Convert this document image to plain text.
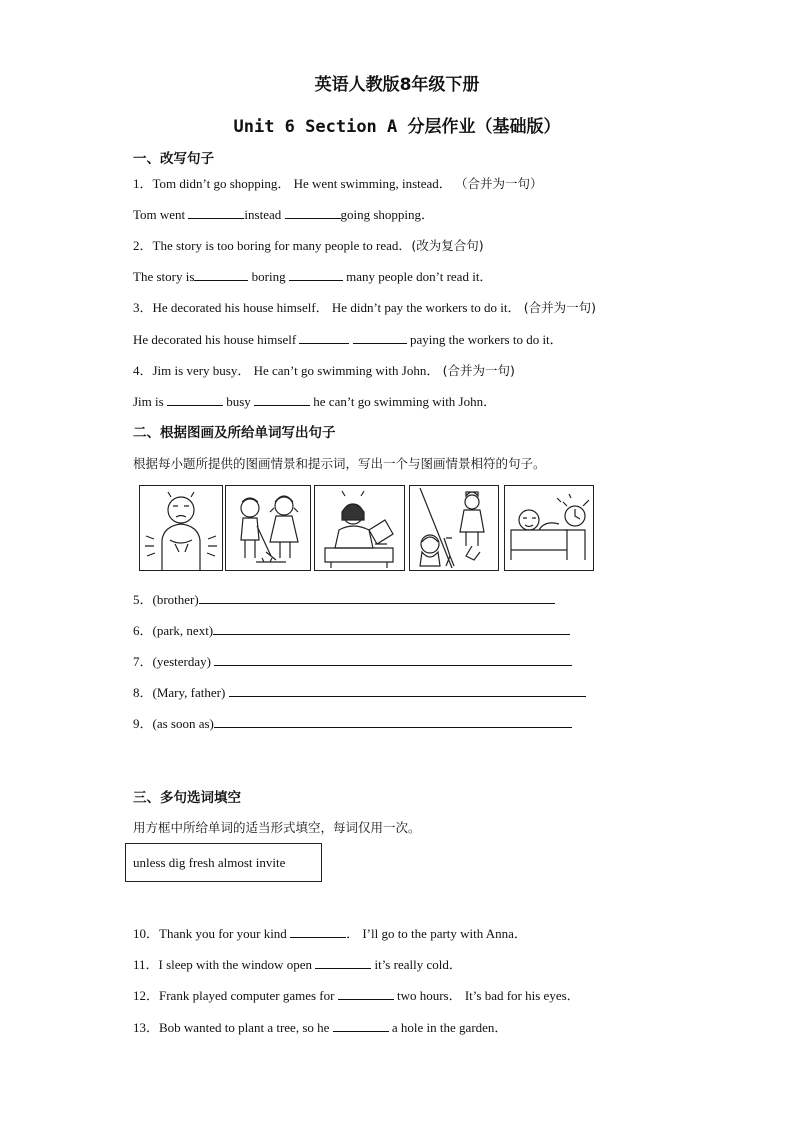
英语人教版8年级下册
Unit 6 Section A 分层作业（基础版）
一、改写句子
1．Tom didn’t go shopping． He went swimming, instead． （合并为一句）
Tom went	instead	going shopping．
2．The story is too boring for many people to read．(改为复合句)
The story is	boring	many people don’t read it．
3．He decorated his house himself． He didn’t pay the workers to do it． (合并为一句)
He decorated his house himself	paying the workers to do it．
4．Jim is very busy． He can’t go swimming with John． (合并为一句)
Jim is	busy	he can’t go swimming with John．
二、根据图画及所给单词写出句子
根据每小题所提供的图画情景和提示词，写出一个与图画情景相符的句子。
5．(brother)
6．(park, next)
7．(yesterday)
8．(Mary, father)
9．(as soon as)
三、多句选词填空
用方框中所给单词的适当形式填空，每词仅用一次。
unless dig fresh almost invite
10．Thank you for your kind	． I’ll go to the party with Anna．
11．I sleep with the window open	it’s really cold．
12．Frank played computer games for	two hours． It’s bad for his eyes．
13．Bob wanted to plant a tree, so he	a hole in the garden．
